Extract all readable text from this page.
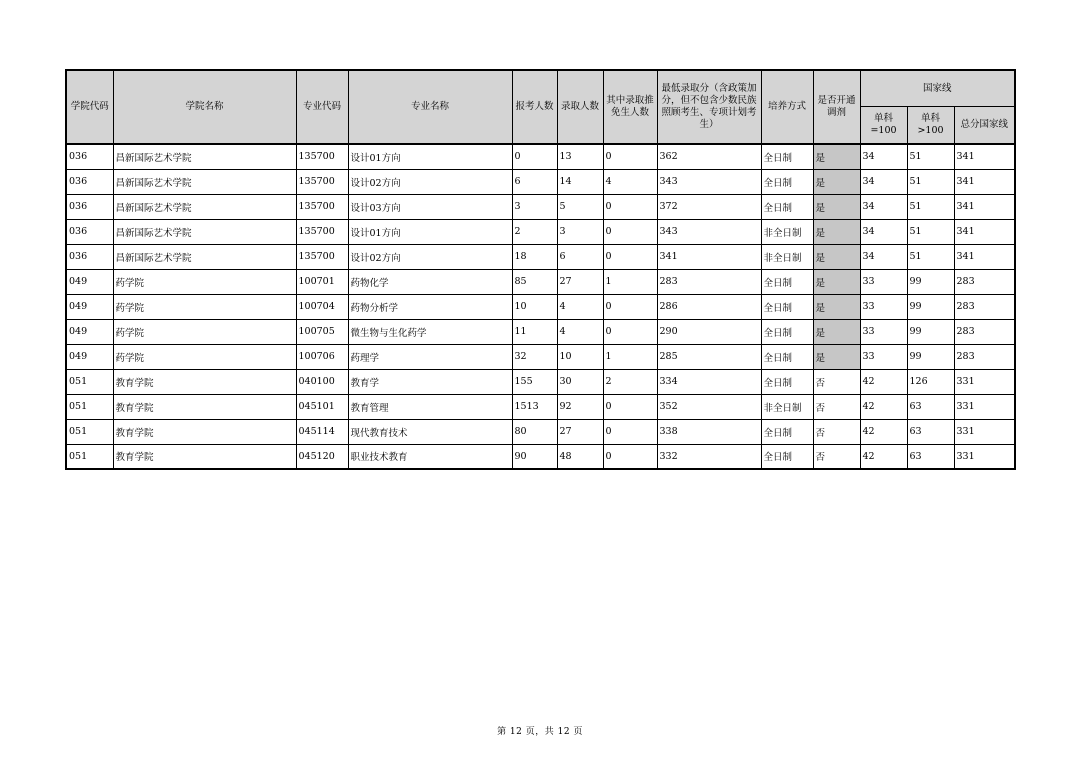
学院代码	学院名称	专业代码	专业名称	报考人数	录取人数	其中录取推免生人数	最低录取分（含政策加分，但不包含少数民族照顾考生、专项计划考生）	培养方式	是否开通调剂	国家线		
										单科=100	单科>100	总分国家线
036	昌新国际艺术学院	135700	设计01方向	0	13	0	362	全日制	是	34	51	341
036	昌新国际艺术学院	135700	设计02方向	6	14	4	343	全日制	是	34	51	341
036	昌新国际艺术学院	135700	设计03方向	3	5	0	372	全日制	是	34	51	341
036	昌新国际艺术学院	135700	设计01方向	2	3	0	343	非全日制	是	34	51	341
036	昌新国际艺术学院	135700	设计02方向	18	6	0	341	非全日制	是	34	51	341
049	药学院	100701	药物化学	85	27	1	283	全日制	是	33	99	283
049	药学院	100704	药物分析学	10	4	0	286	全日制	是	33	99	283
049	药学院	100705	微生物与生化药学	11	4	0	290	全日制	是	33	99	283
049	药学院	100706	药理学	32	10	1	285	全日制	是	33	99	283
051	教育学院	040100	教育学	155	30	2	334	全日制	否	42	126	331
051	教育学院	045101	教育管理	1513	92	0	352	非全日制	否	42	63	331
051	教育学院	045114	现代教育技术	80	27	0	338	全日制	否	42	63	331
051	教育学院	045120	职业技术教育	90	48	0	332	全日制	否	42	63	331
第 12 页，共 12 页
